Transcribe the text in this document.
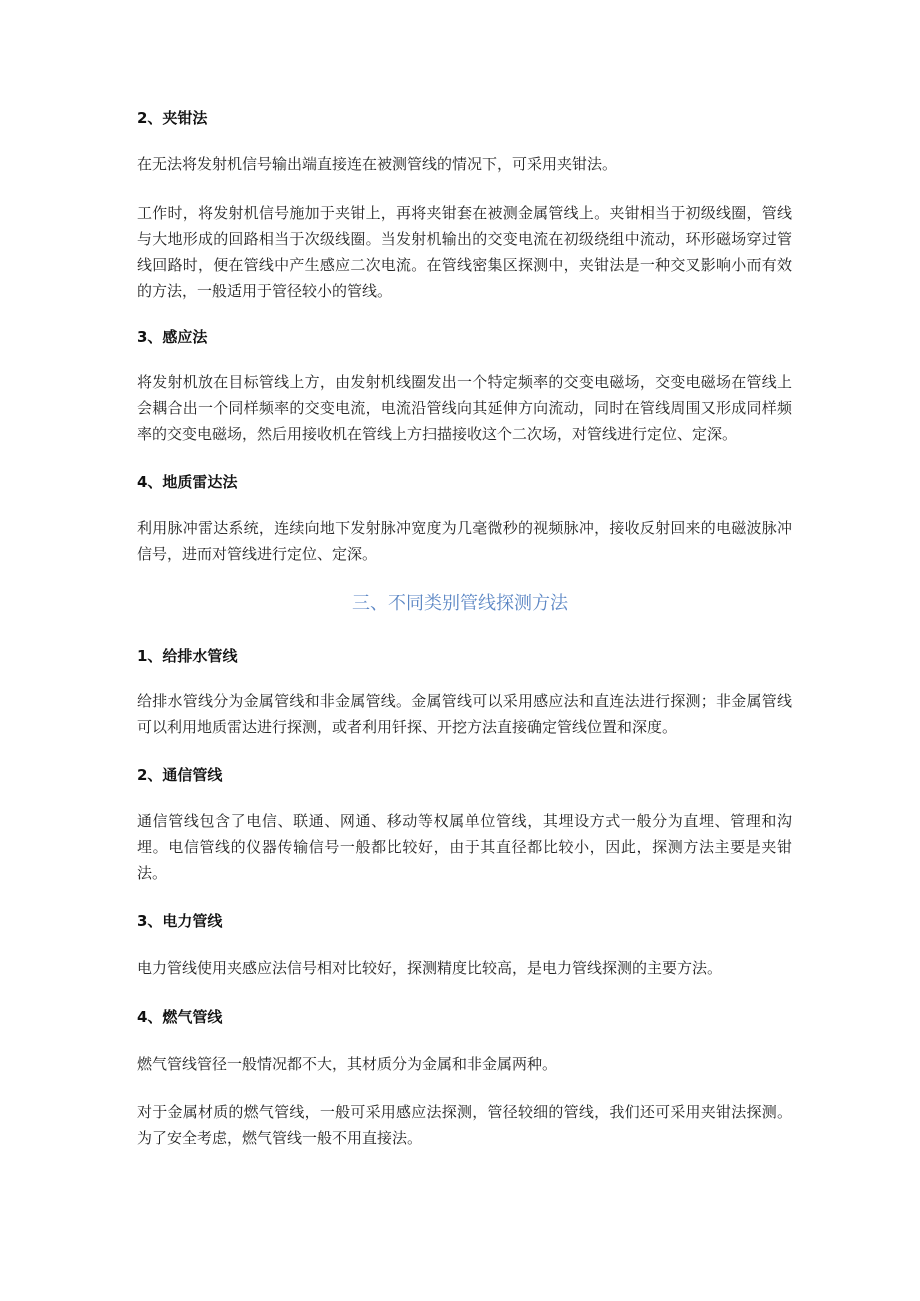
2、夹钳法
在无法将发射机信号输出端直接连在被测管线的情况下，可采用夹钳法。
工作时，将发射机信号施加于夹钳上，再将夹钳套在被测金属管线上。夹钳相当于初级线圈，管线与大地形成的回路相当于次级线圈。当发射机输出的交变电流在初级绕组中流动，环形磁场穿过管线回路时，便在管线中产生感应二次电流。在管线密集区探测中，夹钳法是一种交叉影响小而有效的方法，一般适用于管径较小的管线。
3、感应法
将发射机放在目标管线上方，由发射机线圈发出一个特定频率的交变电磁场，交变电磁场在管线上会耦合出一个同样频率的交变电流，电流沿管线向其延伸方向流动，同时在管线周围又形成同样频率的交变电磁场，然后用接收机在管线上方扫描接收这个二次场，对管线进行定位、定深。
4、地质雷达法
利用脉冲雷达系统，连续向地下发射脉冲宽度为几毫微秒的视频脉冲，接收反射回来的电磁波脉冲信号，进而对管线进行定位、定深。
三、不同类别管线探测方法
1、给排水管线
给排水管线分为金属管线和非金属管线。金属管线可以采用感应法和直连法进行探测；非金属管线可以利用地质雷达进行探测，或者利用钎探、开挖方法直接确定管线位置和深度。
2、通信管线
通信管线包含了电信、联通、网通、移动等权属单位管线，其埋设方式一般分为直埋、管理和沟埋。电信管线的仪器传输信号一般都比较好，由于其直径都比较小，因此，探测方法主要是夹钳法。
3、电力管线
电力管线使用夹感应法信号相对比较好，探测精度比较高，是电力管线探测的主要方法。
4、燃气管线
燃气管线管径一般情况都不大，其材质分为金属和非金属两种。
对于金属材质的燃气管线，一般可采用感应法探测，管径较细的管线，我们还可采用夹钳法探测。为了安全考虑，燃气管线一般不用直接法。
